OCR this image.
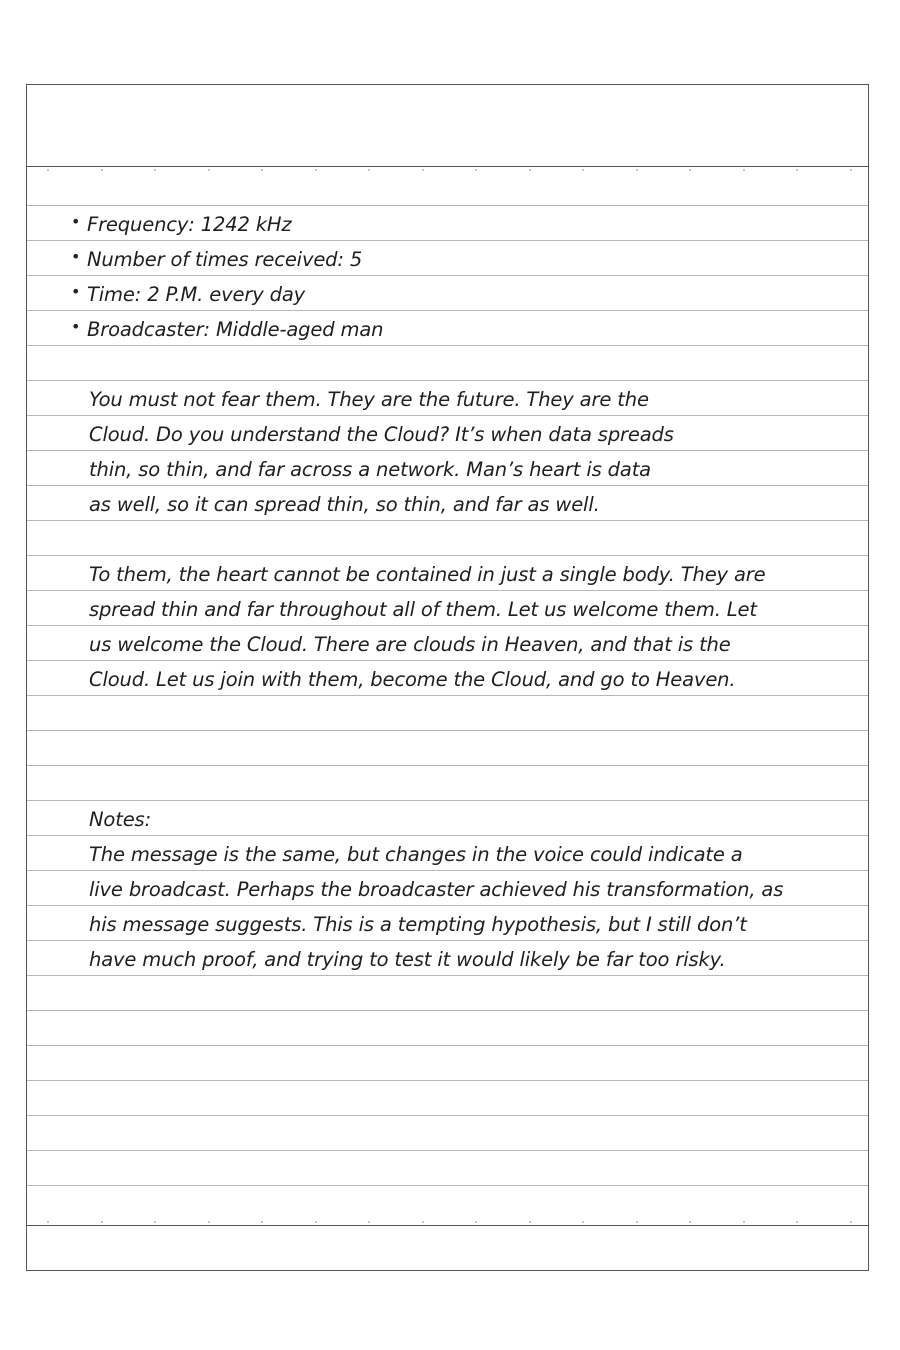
• Frequency: 1242 kHz
• Number of times received: 5
• Time: 2 P.M. every day
• Broadcaster: Middle-aged man
You must not fear them. They are the future. They are the
Cloud. Do you understand the Cloud? It’s when data spreads
thin, so thin, and far across a network. Man’s heart is data
as well, so it can spread thin, so thin, and far as well.
To them, the heart cannot be contained in just a single body. They are
spread thin and far throughout all of them. Let us welcome them. Let
us welcome the Cloud. There are clouds in Heaven, and that is the
Cloud. Let us join with them, become the Cloud, and go to Heaven.
Notes:
The message is the same, but changes in the voice could indicate a
live broadcast. Perhaps the broadcaster achieved his transformation, as
his message suggests. This is a tempting hypothesis, but I still don’t
have much proof, and trying to test it would likely be far too risky.
